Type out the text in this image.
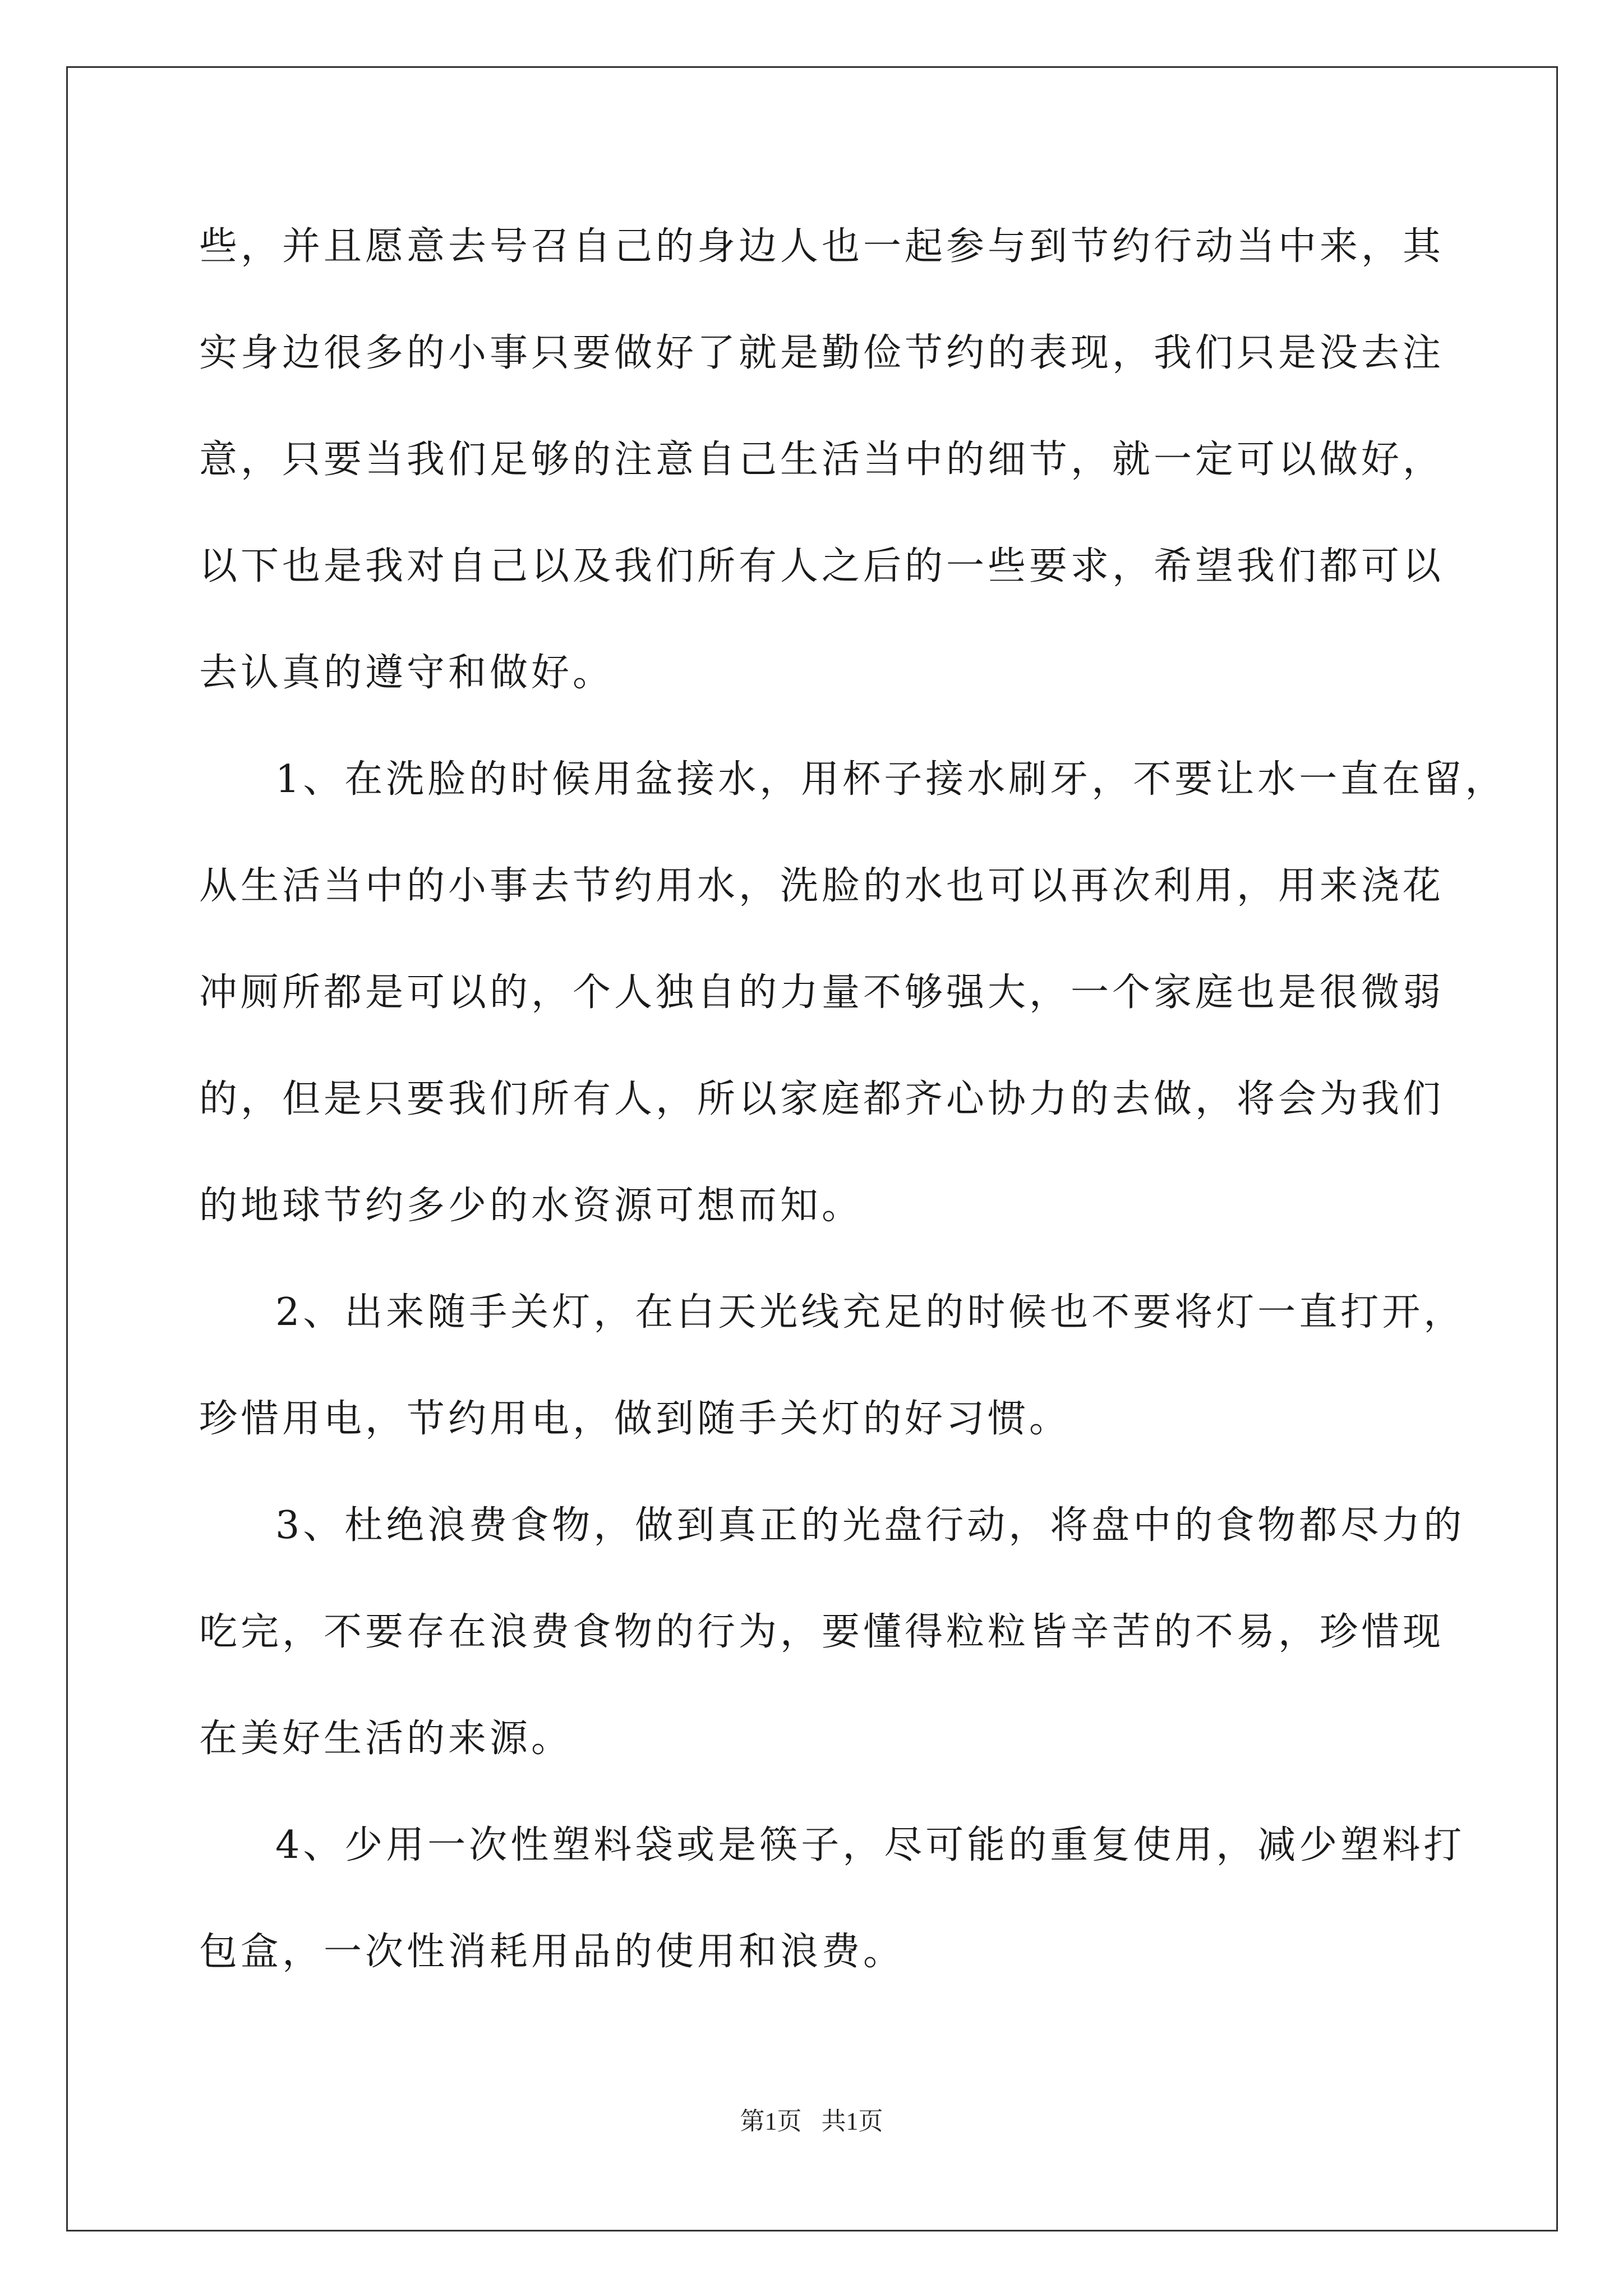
些，并且愿意去号召自己的身边人也一起参与到节约行动当中来，其
实身边很多的小事只要做好了就是勤俭节约的表现，我们只是没去注
意，只要当我们足够的注意自己生活当中的细节，就一定可以做好，
以下也是我对自己以及我们所有人之后的一些要求，希望我们都可以
去认真的遵守和做好。
1、在洗脸的时候用盆接水，用杯子接水刷牙，不要让水一直在留，
从生活当中的小事去节约用水，洗脸的水也可以再次利用，用来浇花
冲厕所都是可以的，个人独自的力量不够强大，一个家庭也是很微弱
的，但是只要我们所有人，所以家庭都齐心协力的去做，将会为我们
的地球节约多少的水资源可想而知。
2、出来随手关灯，在白天光线充足的时候也不要将灯一直打开，
珍惜用电，节约用电，做到随手关灯的好习惯。
3、杜绝浪费食物，做到真正的光盘行动，将盘中的食物都尽力的
吃完，不要存在浪费食物的行为，要懂得粒粒皆辛苦的不易，珍惜现
在美好生活的来源。
4、少用一次性塑料袋或是筷子，尽可能的重复使用，减少塑料打
包盒，一次性消耗用品的使用和浪费。
第1页 共1页
